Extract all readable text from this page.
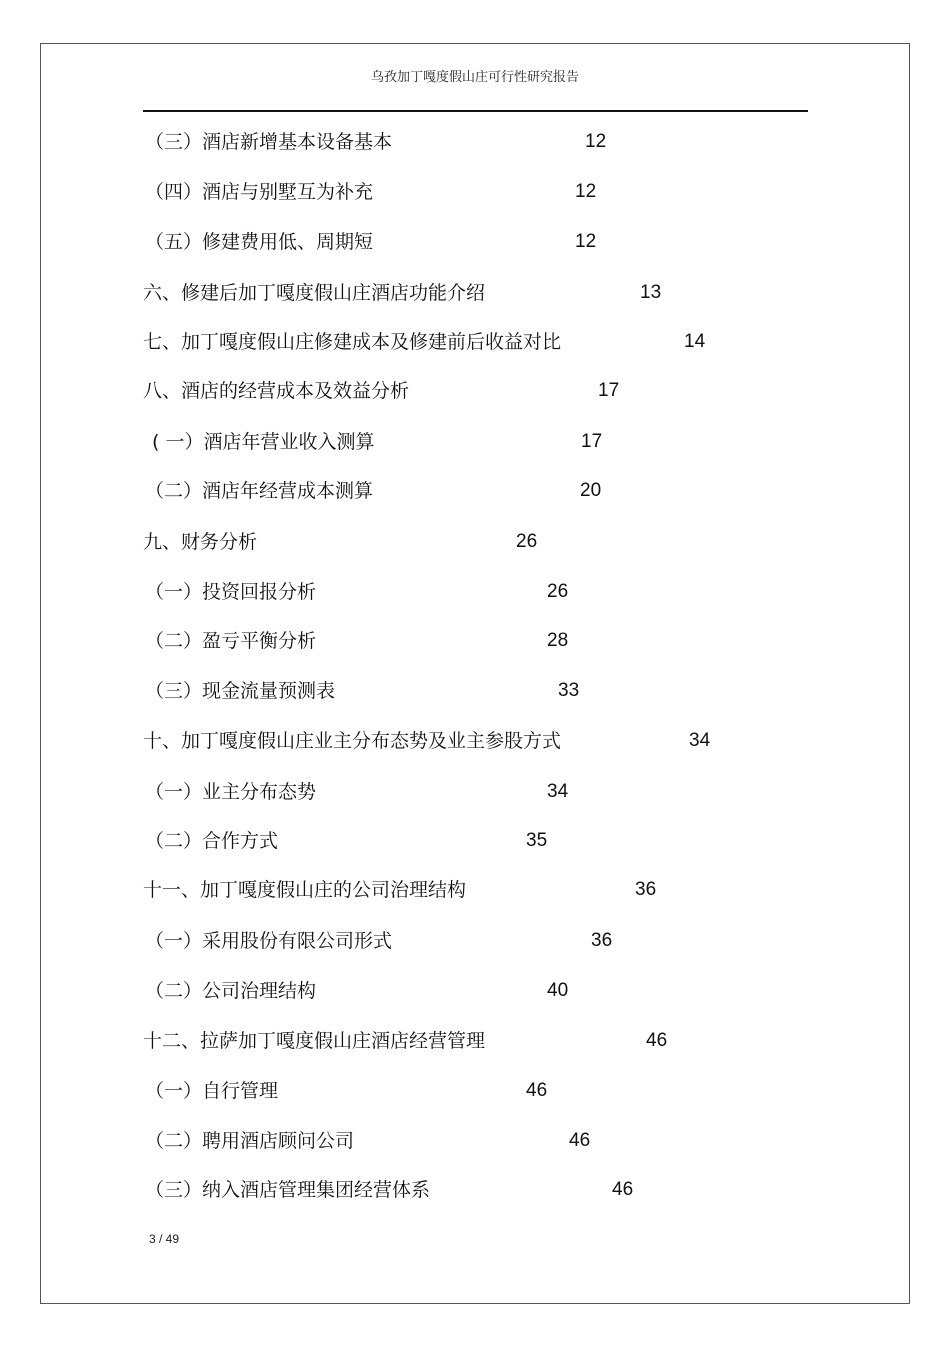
乌孜加丁嘎度假山庄可行性研究报告
（三）酒店新增基本设备基本	12
（四）酒店与别墅互为补充	12
（五）修建费用低、周期短	12
六、修建后加丁嘎度假山庄酒店功能介绍	13
七、加丁嘎度假山庄修建成本及修建前后收益对比	14
八、酒店的经营成本及效益分析	17
( 一）酒店年营业收入测算	17
（二）酒店年经营成本测算	20
九、财务分析	26
（一）投资回报分析	26
（二）盈亏平衡分析	28
（三）现金流量预测表	33
十、加丁嘎度假山庄业主分布态势及业主参股方式	34
（一）业主分布态势	34
（二）合作方式	35
十一、加丁嘎度假山庄的公司治理结构	36
（一）采用股份有限公司形式	36
（二）公司治理结构	40
十二、拉萨加丁嘎度假山庄酒店经营管理	46
（一）自行管理	46
（二）聘用酒店顾问公司	46
（三）纳入酒店管理集团经营体系	46
3 / 49
